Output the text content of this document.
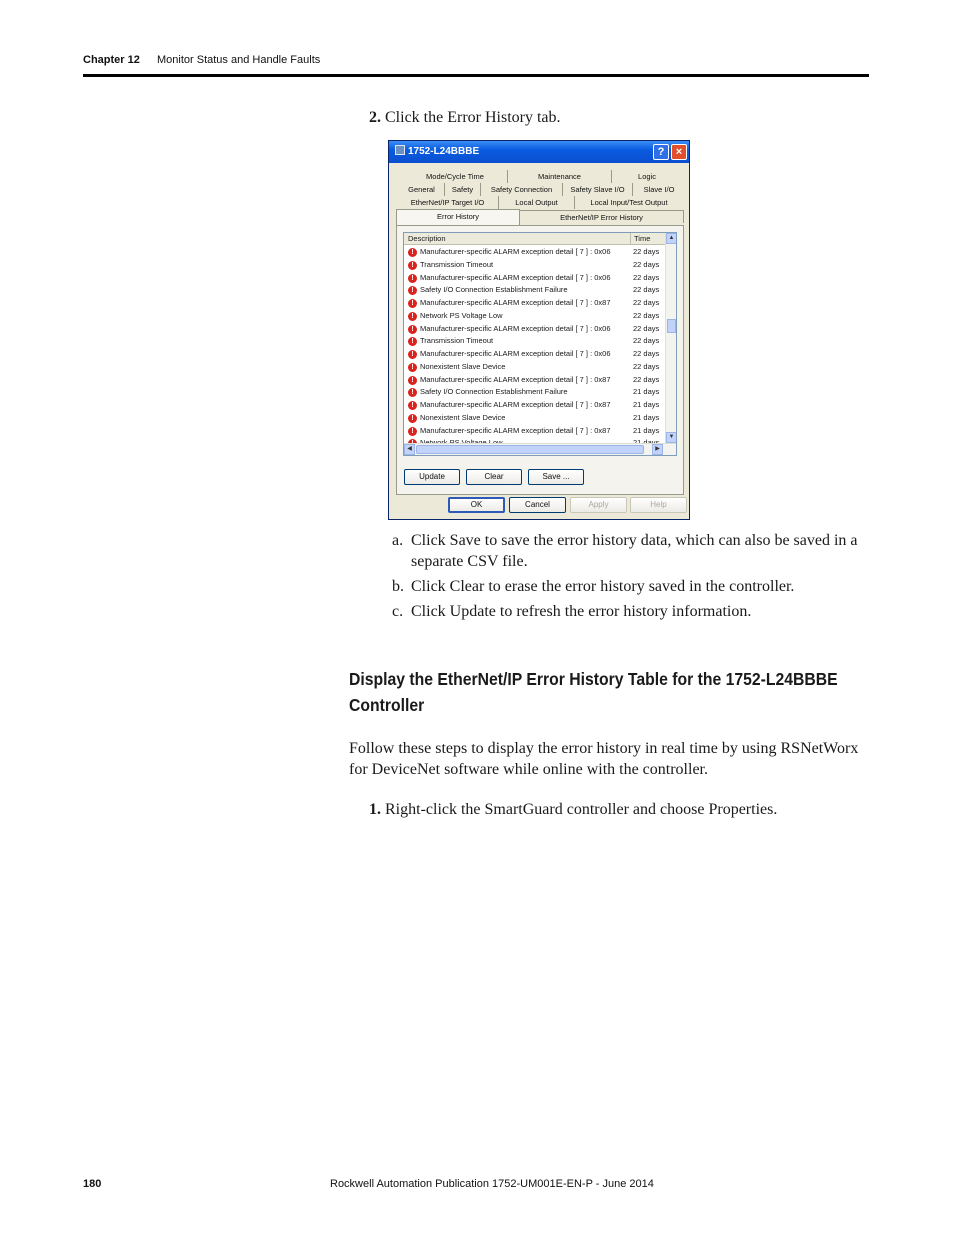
Chapter 12 Monitor Status and Handle Faults
2. Click the Error History tab.
1752-L24BBBE	?	×
Mode/Cycle Time	Maintenance	Logic
General	Safety	Safety Connection	Safety Slave I/O	Slave I/O
EtherNet/IP Target I/O	Local Output	Local Input/Test Output
Error History	EtherNet/IP Error History
Description	Time
! Manufacturer-specific ALARM exception detail [ 7 ] : 0x06	22 days
! Transmission Timeout	22 days
! Manufacturer-specific ALARM exception detail [ 7 ] : 0x06	22 days
! Safety I/O Connection Establishment Failure	22 days
! Manufacturer-specific ALARM exception detail [ 7 ] : 0x87	22 days
! Network PS Voltage Low	22 days
! Manufacturer-specific ALARM exception detail [ 7 ] : 0x06	22 days
! Transmission Timeout	22 days
! Manufacturer-specific ALARM exception detail [ 7 ] : 0x06	22 days
! Nonexistent Slave Device	22 days
! Manufacturer-specific ALARM exception detail [ 7 ] : 0x87	22 days
! Safety I/O Connection Establishment Failure	21 days
! Manufacturer-specific ALARM exception detail [ 7 ] : 0x87	21 days
! Nonexistent Slave Device	21 days
! Manufacturer-specific ALARM exception detail [ 7 ] : 0x87	21 days
▲
▼
◀	▶
Update	Clear	Save ...
OK	Cancel	Apply	Help
a. Click Save to save the error history data, which can also be saved in a separate CSV file.
b. Click Clear to erase the error history saved in the controller.
c. Click Update to refresh the error history information.
Display the EtherNet/IP Error History Table for the 1752-L24BBBE Controller
Follow these steps to display the error history in real time by using RSNetWorx for DeviceNet software while online with the controller.
1. Right-click the SmartGuard controller and choose Properties.
180	Rockwell Automation Publication 1752-UM001E-EN-P - June 2014
